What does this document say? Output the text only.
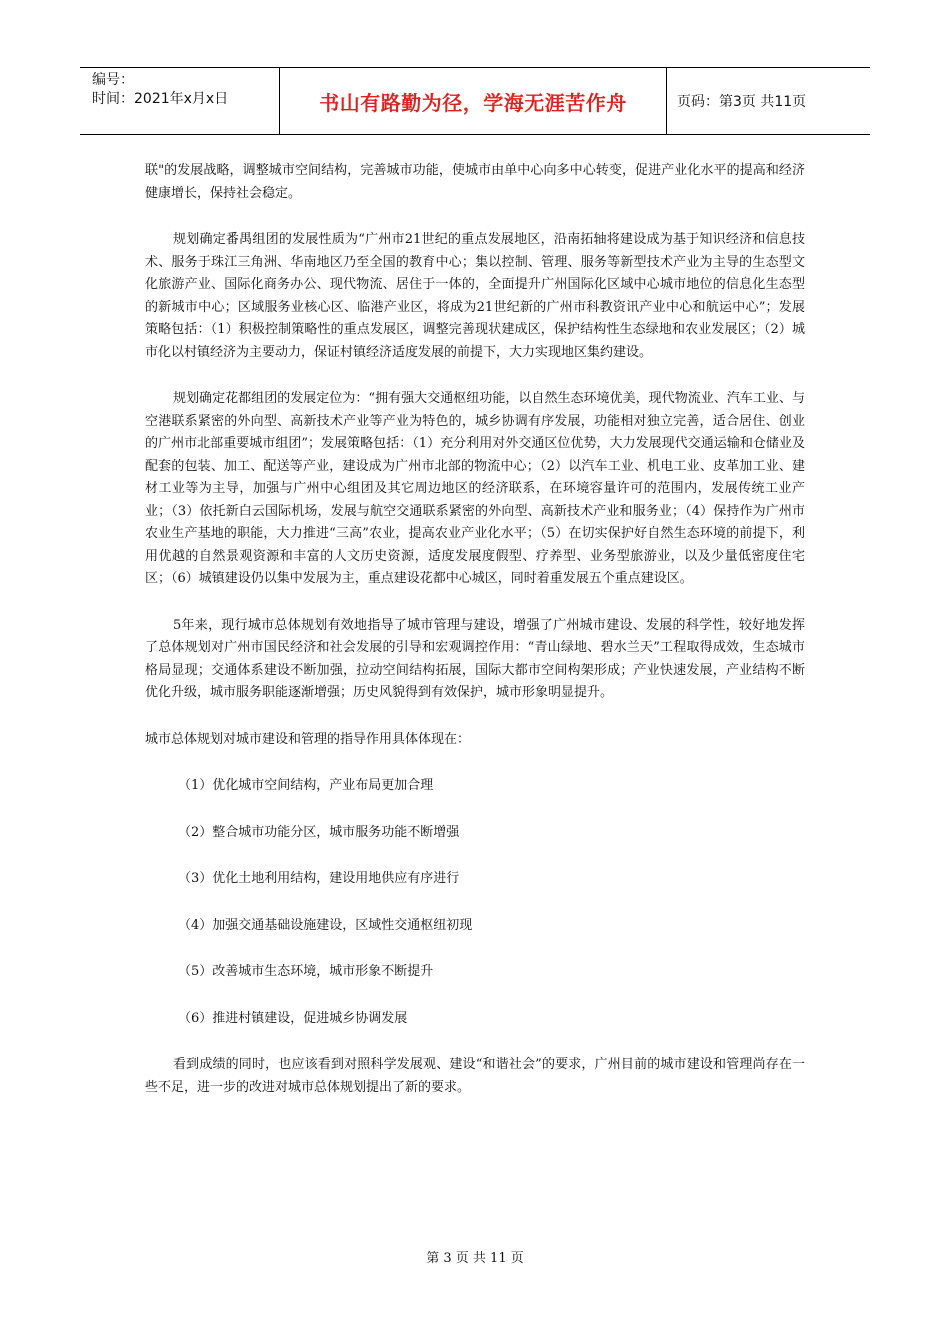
编号：
时间：2021年x月x日	书山有路勤为径，学海无涯苦作舟	页码：第3页 共11页

联"的发展战略，调整城市空间结构，完善城市功能，使城市由单中心向多中心转变，促进产业化水平的提高和经济健康增长，保持社会稳定。

规划确定番禺组团的发展性质为“广州市21世纪的重点发展地区，沿南拓轴将建设成为基于知识经济和信息技术、服务于珠江三角洲、华南地区乃至全国的教育中心；集以控制、管理、服务等新型技术产业为主导的生态型文化旅游产业、国际化商务办公、现代物流、居住于一体的，全面提升广州国际化区域中心城市地位的信息化生态型的新城市中心；区域服务业核心区、临港产业区，将成为21世纪新的广州市科教资讯产业中心和航运中心”；发展策略包括：（1）积极控制策略性的重点发展区，调整完善现状建成区，保护结构性生态绿地和农业发展区；（2）城市化以村镇经济为主要动力，保证村镇经济适度发展的前提下，大力实现地区集约建设。

规划确定花都组团的发展定位为：“拥有强大交通枢纽功能，以自然生态环境优美，现代物流业、汽车工业、与空港联系紧密的外向型、高新技术产业等产业为特色的，城乡协调有序发展，功能相对独立完善，适合居住、创业的广州市北部重要城市组团”；发展策略包括：（1）充分利用对外交通区位优势，大力发展现代交通运输和仓储业及配套的包装、加工、配送等产业，建设成为广州市北部的物流中心；（2）以汽车工业、机电工业、皮革加工业、建材工业等为主导，加强与广州中心组团及其它周边地区的经济联系，在环境容量许可的范围内，发展传统工业产业；（3）依托新白云国际机场，发展与航空交通联系紧密的外向型、高新技术产业和服务业；（4）保持作为广州市农业生产基地的职能，大力推进“三高”农业，提高农业产业化水平；（5）在切实保护好自然生态环境的前提下，利用优越的自然景观资源和丰富的人文历史资源，适度发展度假型、疗养型、业务型旅游业，以及少量低密度住宅区；（6）城镇建设仍以集中发展为主，重点建设花都中心城区，同时着重发展五个重点建设区。

5年来，现行城市总体规划有效地指导了城市管理与建设，增强了广州城市建设、发展的科学性，较好地发挥了总体规划对广州市国民经济和社会发展的引导和宏观调控作用：“青山绿地、碧水兰天”工程取得成效，生态城市格局显现；交通体系建设不断加强，拉动空间结构拓展，国际大都市空间构架形成；产业快速发展，产业结构不断优化升级，城市服务职能逐渐增强；历史风貌得到有效保护，城市形象明显提升。

城市总体规划对城市建设和管理的指导作用具体体现在：

（1）优化城市空间结构，产业布局更加合理

（2）整合城市功能分区，城市服务功能不断增强

（3）优化土地利用结构，建设用地供应有序进行

（4）加强交通基础设施建设，区域性交通枢纽初现

（5）改善城市生态环境，城市形象不断提升

（6）推进村镇建设，促进城乡协调发展

看到成绩的同时，也应该看到对照科学发展观、建设“和谐社会”的要求，广州目前的城市建设和管理尚存在一些不足，进一步的改进对城市总体规划提出了新的要求。

第 3 页 共 11 页
